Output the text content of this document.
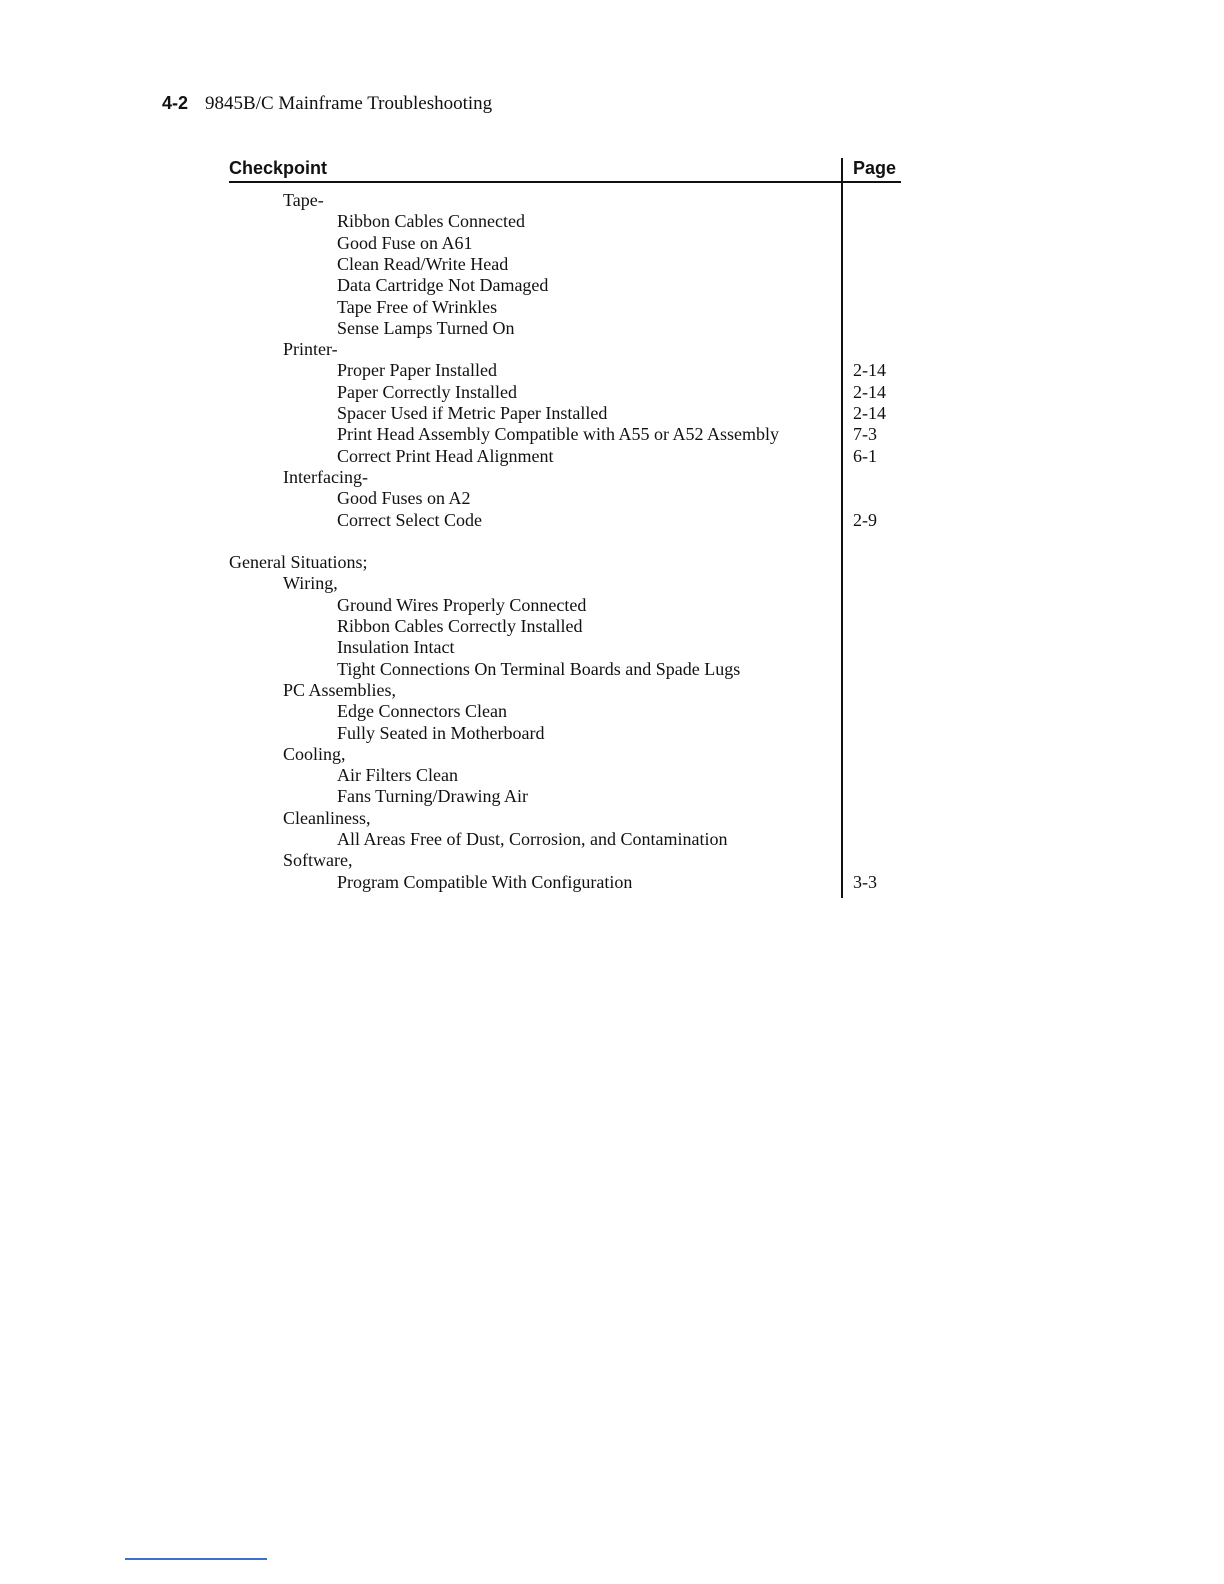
4-2 9845B/C Mainframe Troubleshooting
Checkpoint	Page
Tape-
Ribbon Cables Connected
Good Fuse on A61
Clean Read/Write Head
Data Cartridge Not Damaged
Tape Free of Wrinkles
Sense Lamps Turned On
Printer-
Proper Paper Installed	2-14
Paper Correctly Installed	2-14
Spacer Used if Metric Paper Installed	2-14
Print Head Assembly Compatible with A55 or A52 Assembly	7-3
Correct Print Head Alignment	6-1
Interfacing-
Good Fuses on A2
Correct Select Code	2-9
General Situations;
Wiring,
Ground Wires Properly Connected
Ribbon Cables Correctly Installed
Insulation Intact
Tight Connections On Terminal Boards and Spade Lugs
PC Assemblies,
Edge Connectors Clean
Fully Seated in Motherboard
Cooling,
Air Filters Clean
Fans Turning/Drawing Air
Cleanliness,
All Areas Free of Dust, Corrosion, and Contamination
Software,
Program Compatible With Configuration	3-3
